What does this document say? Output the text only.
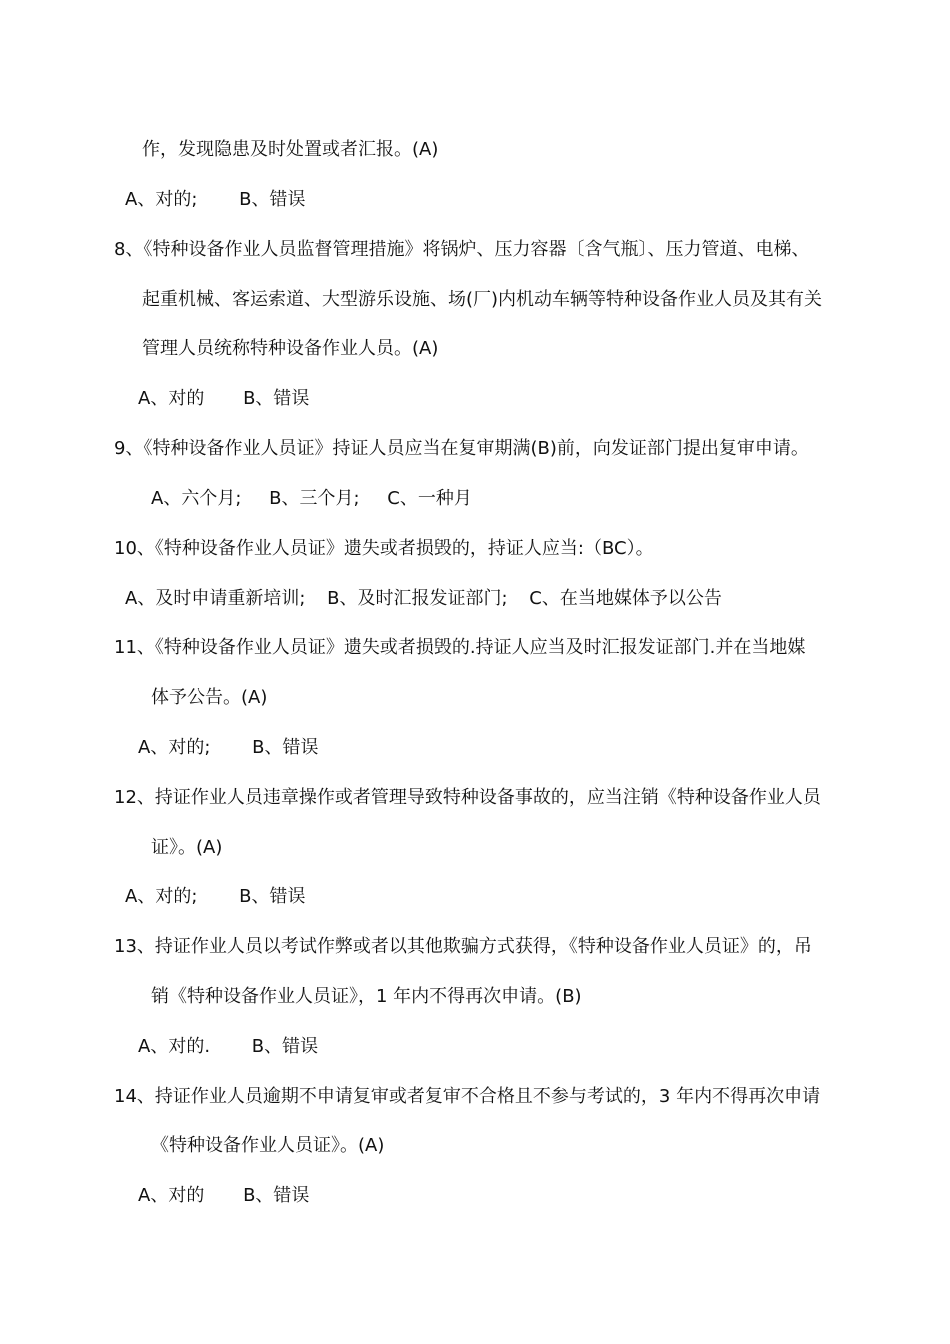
作，发现隐患及时处置或者汇报。(A)
A、对的; B、错误
8、《特种设备作业人员监督管理措施》将锅炉、压力容器〔含气瓶〕、压力管道、电梯、
起重机械、客运索道、大型游乐设施、场(厂)内机动车辆等特种设备作业人员及其有关
管理人员统称特种设备作业人员。(A)
A、对的 B、错误
9、《特种设备作业人员证》持证人员应当在复审期满(B)前，向发证部门提出复审申请。
A、六个月; B、三个月; C、一种月
10、《特种设备作业人员证》遗失或者损毁的，持证人应当:（BC）。
A、及时申请重新培训; B、及时汇报发证部门; C、在当地媒体予以公告
11、《特种设备作业人员证》遗失或者损毁的.持证人应当及时汇报发证部门.并在当地媒
体予公告。(A)
A、对的; B、错误
12、持证作业人员违章操作或者管理导致特种设备事故的，应当注销《特种设备作业人员
证》。(A)
A、对的; B、错误
13、持证作业人员以考试作弊或者以其他欺骗方式获得，《特种设备作业人员证》的，吊
销《特种设备作业人员证》，1 年内不得再次申请。(B)
A、对的. B、错误
14、持证作业人员逾期不申请复审或者复审不合格且不参与考试的，3 年内不得再次申请
《特种设备作业人员证》。(A)
A、对的 B、错误
